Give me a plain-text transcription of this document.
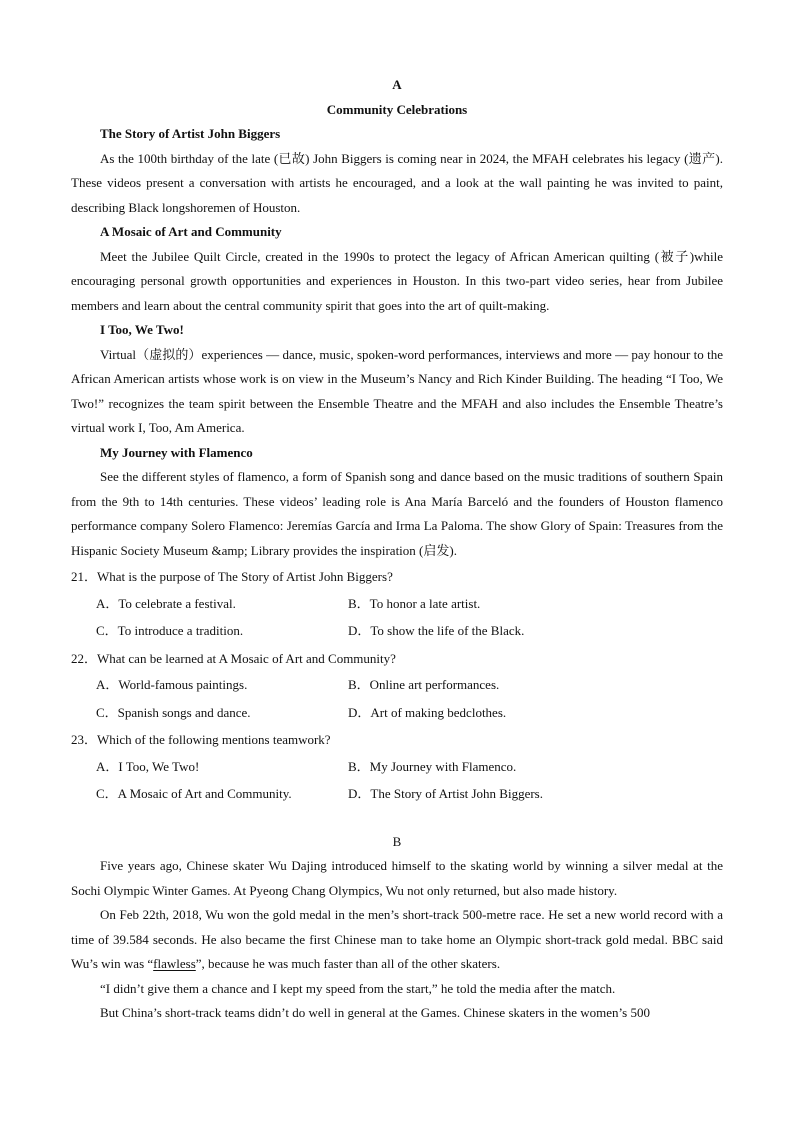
A
Community Celebrations
The Story of Artist John Biggers
As the 100th birthday of the late (已故) John Biggers is coming near in 2024, the MFAH celebrates his legacy (遗产). These videos present a conversation with artists he encouraged, and a look at the wall painting he was invited to paint, describing Black longshoremen of Houston.
A Mosaic of Art and Community
Meet the Jubilee Quilt Circle, created in the 1990s to protect the legacy of African American quilting (被子)while encouraging personal growth opportunities and experiences in Houston. In this two-part video series, hear from Jubilee members and learn about the central community spirit that goes into the art of quilt-making.
I Too, We Two!
Virtual（虚拟的）experiences — dance, music, spoken-word performances, interviews and more — pay honour to the African American artists whose work is on view in the Museum’s Nancy and Rich Kinder Building. The heading “I Too, We Two!” recognizes the team spirit between the Ensemble Theatre and the MFAH and also includes the Ensemble Theatre’s virtual work I, Too, Am America.
My Journey with Flamenco
See the different styles of flamenco, a form of Spanish song and dance based on the music traditions of southern Spain from the 9th to 14th centuries. These videos’ leading role is Ana María Barceló and the founders of Houston flamenco performance company Solero Flamenco: Jeremías García and Irma La Paloma. The show Glory of Spain: Treasures from the Hispanic Society Museum &amp; Library provides the inspiration (启发).
21．What is the purpose of The Story of Artist John Biggers?
A．To celebrate a festival.	B．To honor a late artist.
C．To introduce a tradition.	D．To show the life of the Black.
22．What can be learned at A Mosaic of Art and Community?
A．World-famous paintings.	B．Online art performances.
C．Spanish songs and dance.	D．Art of making bedclothes.
23．Which of the following mentions teamwork?
A．I Too, We Two!	B．My Journey with Flamenco.
C．A Mosaic of Art and Community.	D．The Story of Artist John Biggers.
B
Five years ago, Chinese skater Wu Dajing introduced himself to the skating world by winning a silver medal at the Sochi Olympic Winter Games. At Pyeong Chang Olympics, Wu not only returned, but also made history.
On Feb 22th, 2018, Wu won the gold medal in the men’s short-track 500-metre race. He set a new world record with a time of 39.584 seconds. He also became the first Chinese man to take home an Olympic short-track gold medal. BBC said Wu’s win was “flawless”, because he was much faster than all of the other skaters.
“I didn’t give them a chance and I kept my speed from the start,” he told the media after the match.
But China’s short-track teams didn’t do well in general at the Games. Chinese skaters in the women’s 500
